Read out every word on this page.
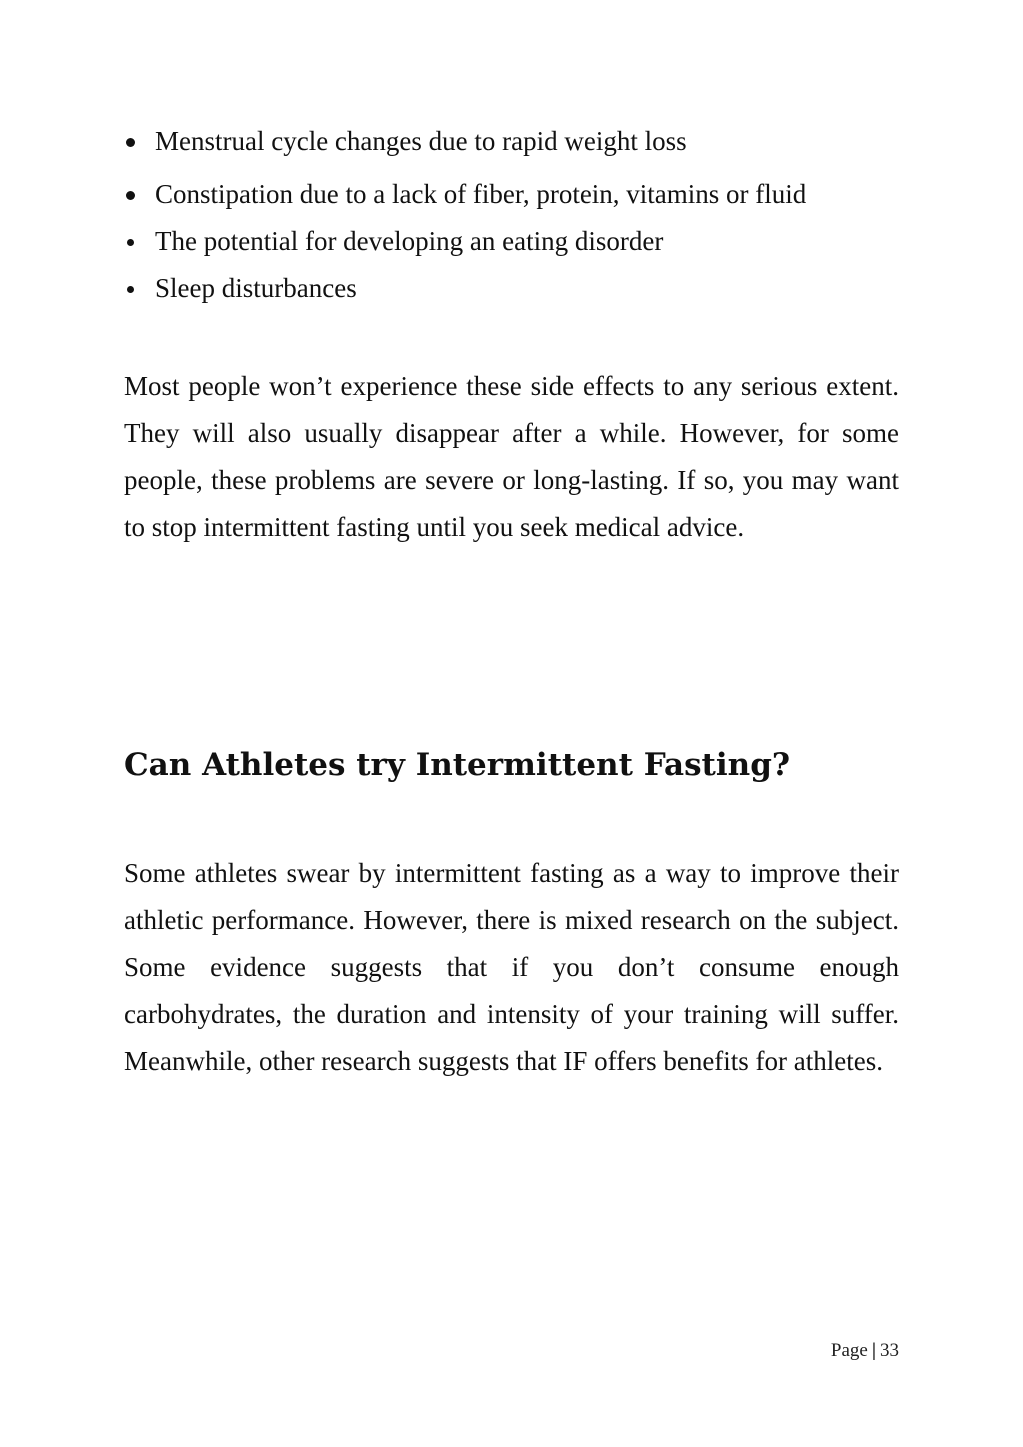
Menstrual cycle changes due to rapid weight loss
Constipation due to a lack of fiber, protein, vitamins or fluid
The potential for developing an eating disorder
Sleep disturbances

Most people won’t experience these side effects to any serious extent. They will also usually disappear after a while. However, for some people, these problems are severe or long-lasting. If so, you may want to stop intermittent fasting until you seek medical advice.

Can Athletes try Intermittent Fasting?

Some athletes swear by intermittent fasting as a way to improve their athletic performance. However, there is mixed research on the subject. Some evidence suggests that if you don’t consume enough carbohydrates, the duration and intensity of your training will suffer. Meanwhile, other research suggests that IF offers benefits for athletes.

Page | 33
